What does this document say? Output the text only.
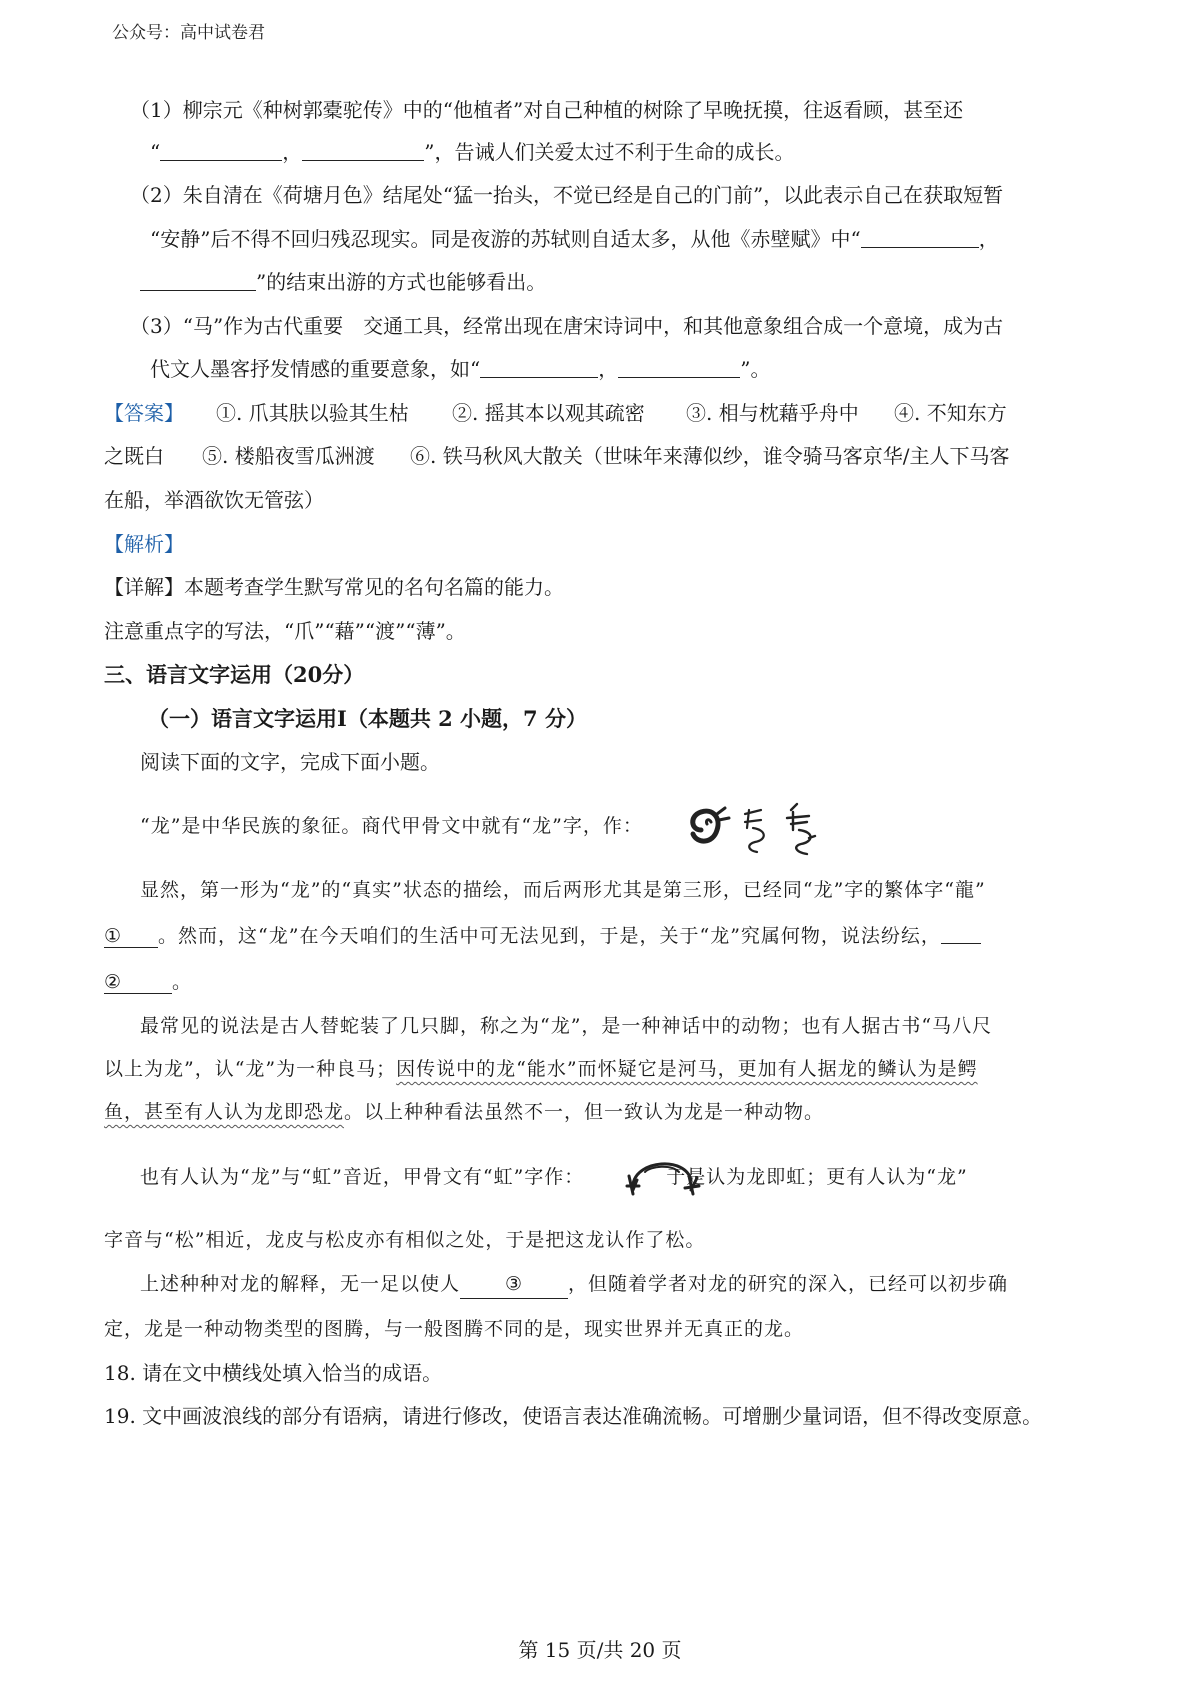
公众号：高中试卷君
（1）柳宗元《种树郭橐驼传》中的“他植者”对自己种植的树除了早晚抚摸，往返看顾，甚至还
“	，	”，告诫人们关爱太过不利于生命的成长。
（2）朱自清在《荷塘月色》结尾处“猛一抬头，不觉已经是自己的门前”，以此表示自己在获取短暂
“安静”后不得不回归残忍现实。同是夜游的苏轼则自适太多，从他《赤壁赋》中“	，
”的结束出游的方式也能够看出。
（3）“马”作为古代重要　交通工具，经常出现在唐宋诗词中，和其他意象组合成一个意境，成为古
代文人墨客抒发情感的重要意象，如“	，	”。
【答案】 ①. 爪其肤以验其生枯 ②. 摇其本以观其疏密 ③. 相与枕藉乎舟中 ④. 不知东方
之既白 ⑤. 楼船夜雪瓜洲渡 ⑥. 铁马秋风大散关（世味年来薄似纱，谁令骑马客京华/主人下马客
在船，举酒欲饮无管弦）
【解析】
【详解】本题考查学生默写常见的名句名篇的能力。
注意重点字的写法，“爪”“藉”“渡”“薄”。
三、语言文字运用（20分）
（一）语言文字运用Ⅰ（本题共 2 小题，7 分）
阅读下面的文字，完成下面小题。
“龙”是中华民族的象征。商代甲骨文中就有“龙”字，作：
显然，第一形为“龙”的“真实”状态的描绘，而后两形尤其是第三形，已经同“龙”字的繁体字“龍”
① 。然而，这“龙”在今天咱们的生活中可无法见到，于是，关于“龙”究属何物，说法纷纭，
②	。
最常见的说法是古人替蛇装了几只脚，称之为“龙”，是一种神话中的动物；也有人据古书“马八尺
以上为龙”，认“龙”为一种良马；因传说中的龙“能水”而怀疑它是河马，更加有人据龙的鳞认为是鳄
鱼，甚至有人认为龙即恐龙。以上种种看法虽然不一，但一致认为龙是一种动物。
也有人认为“龙”与“虹”音近，甲骨文有“虹”字作：	于是认为龙即虹；更有人认为“龙”
字音与“松”相近，龙皮与松皮亦有相似之处，于是把这龙认作了松。
上述种种对龙的解释，无一足以使人 ③ ，但随着学者对龙的研究的深入，已经可以初步确
定，龙是一种动物类型的图腾，与一般图腾不同的是，现实世界并无真正的龙。
18. 请在文中横线处填入恰当的成语。
19. 文中画波浪线的部分有语病，请进行修改，使语言表达准确流畅。可增删少量词语，但不得改变原意。
第 15 页/共 20 页
